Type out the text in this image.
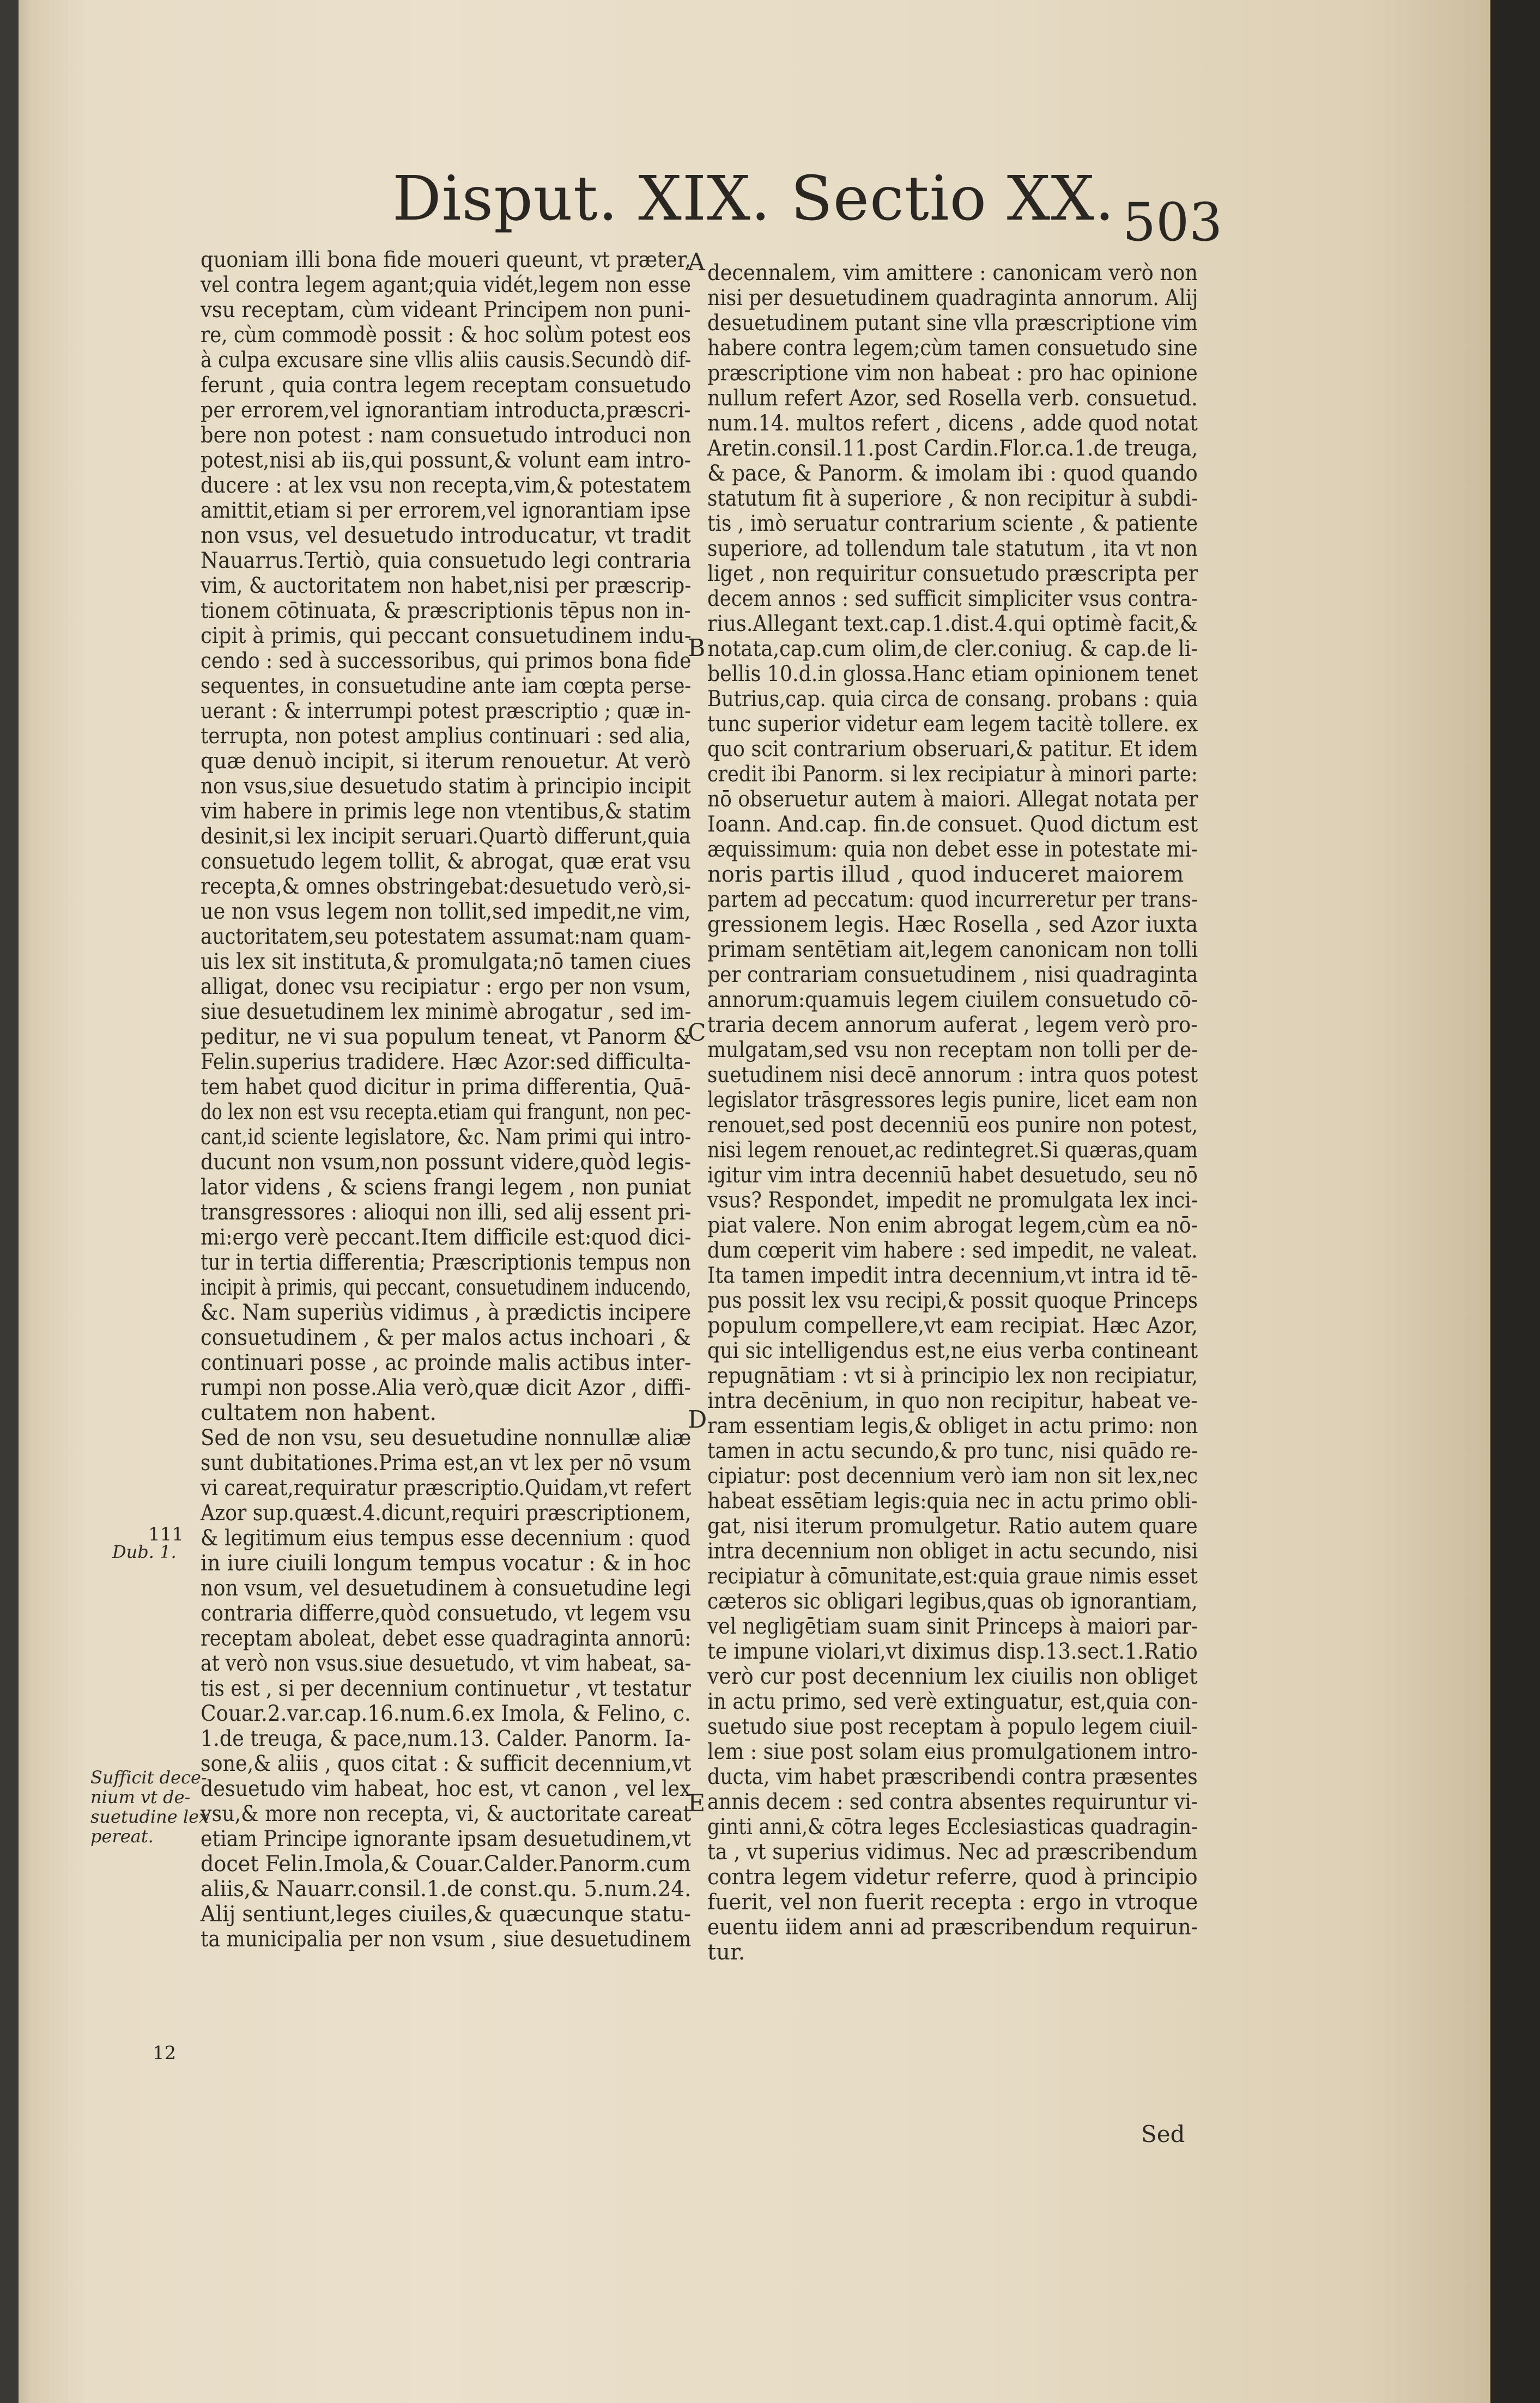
Disput. XIX. Sectio XX. 503
quoniam illi bona fide moueri queunt, vt præter,
vel contra legem agant;quia vidét,legem non esse
vsu receptam, cùm videant Principem non puni-
re, cùm commodè possit : & hoc solùm potest eos
à culpa excusare sine vllis aliis causis.Secundò dif-
ferunt , quia contra legem receptam consuetudo
per errorem,vel ignorantiam introducta,præscri-
bere non potest : nam consuetudo introduci non
potest,nisi ab iis,qui possunt,& volunt eam intro-
ducere : at lex vsu non recepta,vim,& potestatem
amittit,etiam si per errorem,vel ignorantiam ipse
non vsus, vel desuetudo introducatur, vt tradit
Nauarrus.Tertiò, quia consuetudo legi contraria
vim, & auctoritatem non habet,nisi per præscrip-
tionem cōtinuata, & præscriptionis tēpus non in-
cipit à primis, qui peccant consuetudinem indu-
cendo : sed à successoribus, qui primos bona fide
sequentes, in consuetudine ante iam cœpta perse-
uerant : & interrumpi potest præscriptio ; quæ in-
terrupta, non potest amplius continuari : sed alia,
quæ denuò incipit, si iterum renouetur. At verò
non vsus,siue desuetudo statim à principio incipit
vim habere in primis lege non vtentibus,& statim
desinit,si lex incipit seruari.Quartò differunt,quia
consuetudo legem tollit, & abrogat, quæ erat vsu
recepta,& omnes obstringebat:desuetudo verò,si-
ue non vsus legem non tollit,sed impedit,ne vim,
auctoritatem,seu potestatem assumat:nam quam-
uis lex sit instituta,& promulgata;nō tamen ciues
alligat, donec vsu recipiatur : ergo per non vsum,
siue desuetudinem lex minimè abrogatur , sed im-
peditur, ne vi sua populum teneat, vt Panorm &
Felin.superius tradidere. Hæc Azor:sed difficultа-
tem habet quod dicitur in prima differentia, Quā-
do lex non est vsu recepta.etiam qui frangunt, non pec-
cant,id sciente legislatore, &c. Nam primi qui intro-
ducunt non vsum,non possunt videre,quòd legis-
lator videns , & sciens frangi legem , non puniat
transgressores : alioqui non illi, sed alij essent pri-
mi:ergo verè peccant.Item difficile est:quod dici-
tur in tertia differentia; Præscriptionis tempus non
incipit à primis, qui peccant, consuetudinem inducendo,
&c. Nam superiùs vidimus , à prædictis incipere
consuetudinem , & per malos actus inchoari , &
continuari posse , ac proinde malis actibus inter-
rumpi non posse.Alia verò,quæ dicit Azor , diffi-
cultatem non habent.
Sed de non vsu, seu desuetudine nonnullæ aliæ
sunt dubitationes.Prima est,an vt lex per nō vsum
vi careat,requiratur præscriptio.Quidam,vt refert
Azor sup.quæst.4.dicunt,requiri præscriptionem,
& legitimum eius tempus esse decennium : quod
in iure ciuili longum tempus vocatur : & in hoc
non vsum, vel desuetudinem à consuetudine legi
contraria differre,quòd consuetudo, vt legem vsu
receptam aboleat, debet esse quadraginta annorū:
at verò non vsus.siue desuetudo, vt vim habeat, sa-
tis est , si per decennium continuetur , vt testatur
Couar.2.var.cap.16.num.6.ex Imola, & Felino, c.
1.de treuga, & pace,num.13. Calder. Panorm. Ia-
sone,& aliis , quos citat : & sufficit decennium,vt
desuetudo vim habeat, hoc est, vt canon , vel lex
vsu,& more non recepta, vi, & auctoritate careat
etiam Principe ignorante ipsam desuetudinem,vt
docet Felin.Imola,& Couar.Calder.Panorm.cum
aliis,& Nauarr.consil.1.de const.qu. 5.num.24.
Alij sentiunt,leges ciuiles,& quæcunque statu-
ta municipalia per non vsum , siue desuetudinem
decennalem, vim amittere : canonicam verò non
nisi per desuetudinem quadraginta annorum. Alij
desuetudinem putant sine vlla præscriptione vim
habere contra legem;cùm tamen consuetudo sine
præscriptione vim non habeat : pro hac opinione
nullum refert Azor, sed Rosella verb. consuetud.
num.14. multos refert , dicens , adde quod notat
Aretin.consil.11.post Cardin.Flor.ca.1.de treuga,
& pace, & Panorm. & imolam ibi : quod quando
statutum fit à superiore , & non recipitur à subdi-
tis , imò seruatur contrarium sciente , & patiente
superiore, ad tollendum tale statutum , ita vt non
liget , non requiritur consuetudo præscripta per
decem annos : sed sufficit simpliciter vsus contra-
rius.Allegant text.cap.1.dist.4.qui optimè facit,&
notata,cap.cum olim,de cler.coniug. & cap.de li-
bellis 10.d.in glossa.Hanc etiam opinionem tenet
Butrius,cap. quia circa de consang. probans : quia
tunc superior videtur eam legem tacitè tollere. ex
quo scit contrarium obseruari,& patitur. Et idem
credit ibi Panorm. si lex recipiatur à minori parte:
nō obseruetur autem à maiori. Allegat notata per
Ioann. And.cap. fin.de consuet. Quod dictum est
æquissimum: quia non debet esse in potestate mi-
noris partis illud , quod induceret maiorem
partem ad peccatum: quod incurreretur per trans-
gressionem legis. Hæc Rosella , sed Azor iuxta
primam sentētiam ait,legem canonicam non tolli
per contrariam consuetudinem , nisi quadraginta
annorum:quamuis legem ciuilem consuetudo cō-
traria decem annorum auferat , legem verò pro-
mulgatam,sed vsu non receptam non tolli per de-
suetudinem nisi decē annorum : intra quos potest
legislator trāsgressores legis punire, licet eam non
renouet,sed post decenniū eos punire non potest,
nisi legem renouet,ac redintegret.Si quæras,quam
igitur vim intra decenniū habet desuetudo, seu nō
vsus? Respondet, impedit ne promulgata lex inci-
piat valere. Non enim abrogat legem,cùm ea nō-
dum cœperit vim habere : sed impedit, ne valeat.
Ita tamen impedit intra decennium,vt intra id tē-
pus possit lex vsu recipi,& possit quoque Princeps
populum compellere,vt eam recipiat. Hæc Azor,
qui sic intelligendus est,ne eius verba contineant
repugnātiam : vt si à principio lex non recipiatur,
intra decēnium, in quo non recipitur, habeat ve-
ram essentiam legis,& obliget in actu primo: non
tamen in actu secundo,& pro tunc, nisi quādo re-
cipiatur: post decennium verò iam non sit lex,nec
habeat essētiam legis:quia nec in actu primo obli-
gat, nisi iterum promulgetur. Ratio autem quare
intra decennium non obliget in actu secundo, nisi
recipiatur à cōmunitate,est:quia graue nimis esset
cæteros sic obligari legibus,quas ob ignorantiam,
vel negligētiam suam sinit Princeps à maiori par-
te impune violari,vt diximus disp.13.sect.1.Ratio
verò cur post decennium lex ciuilis non obliget
in actu primo, sed verè extinguatur, est,quia con-
suetudo siue post receptam à populo legem ciuil-
lem : siue post solam eius promulgationem intro-
ducta, vim habet præscribendi contra præsentes
annis decem : sed contra absentes requiruntur vi-
ginti anni,& cōtra leges Ecclesiasticas quadragin-
ta , vt superius vidimus. Nec ad præscribendum
contra legem videtur referre, quod à principio
fuerit, vel non fuerit recepta : ergo in vtroque
euentu iidem anni ad præscribendum requirun-
tur.
A
B
C
D
E
111
Dub. 1.
Sufficit dece-
nium vt de-
suetudine lex
pereat.
12
Sed
